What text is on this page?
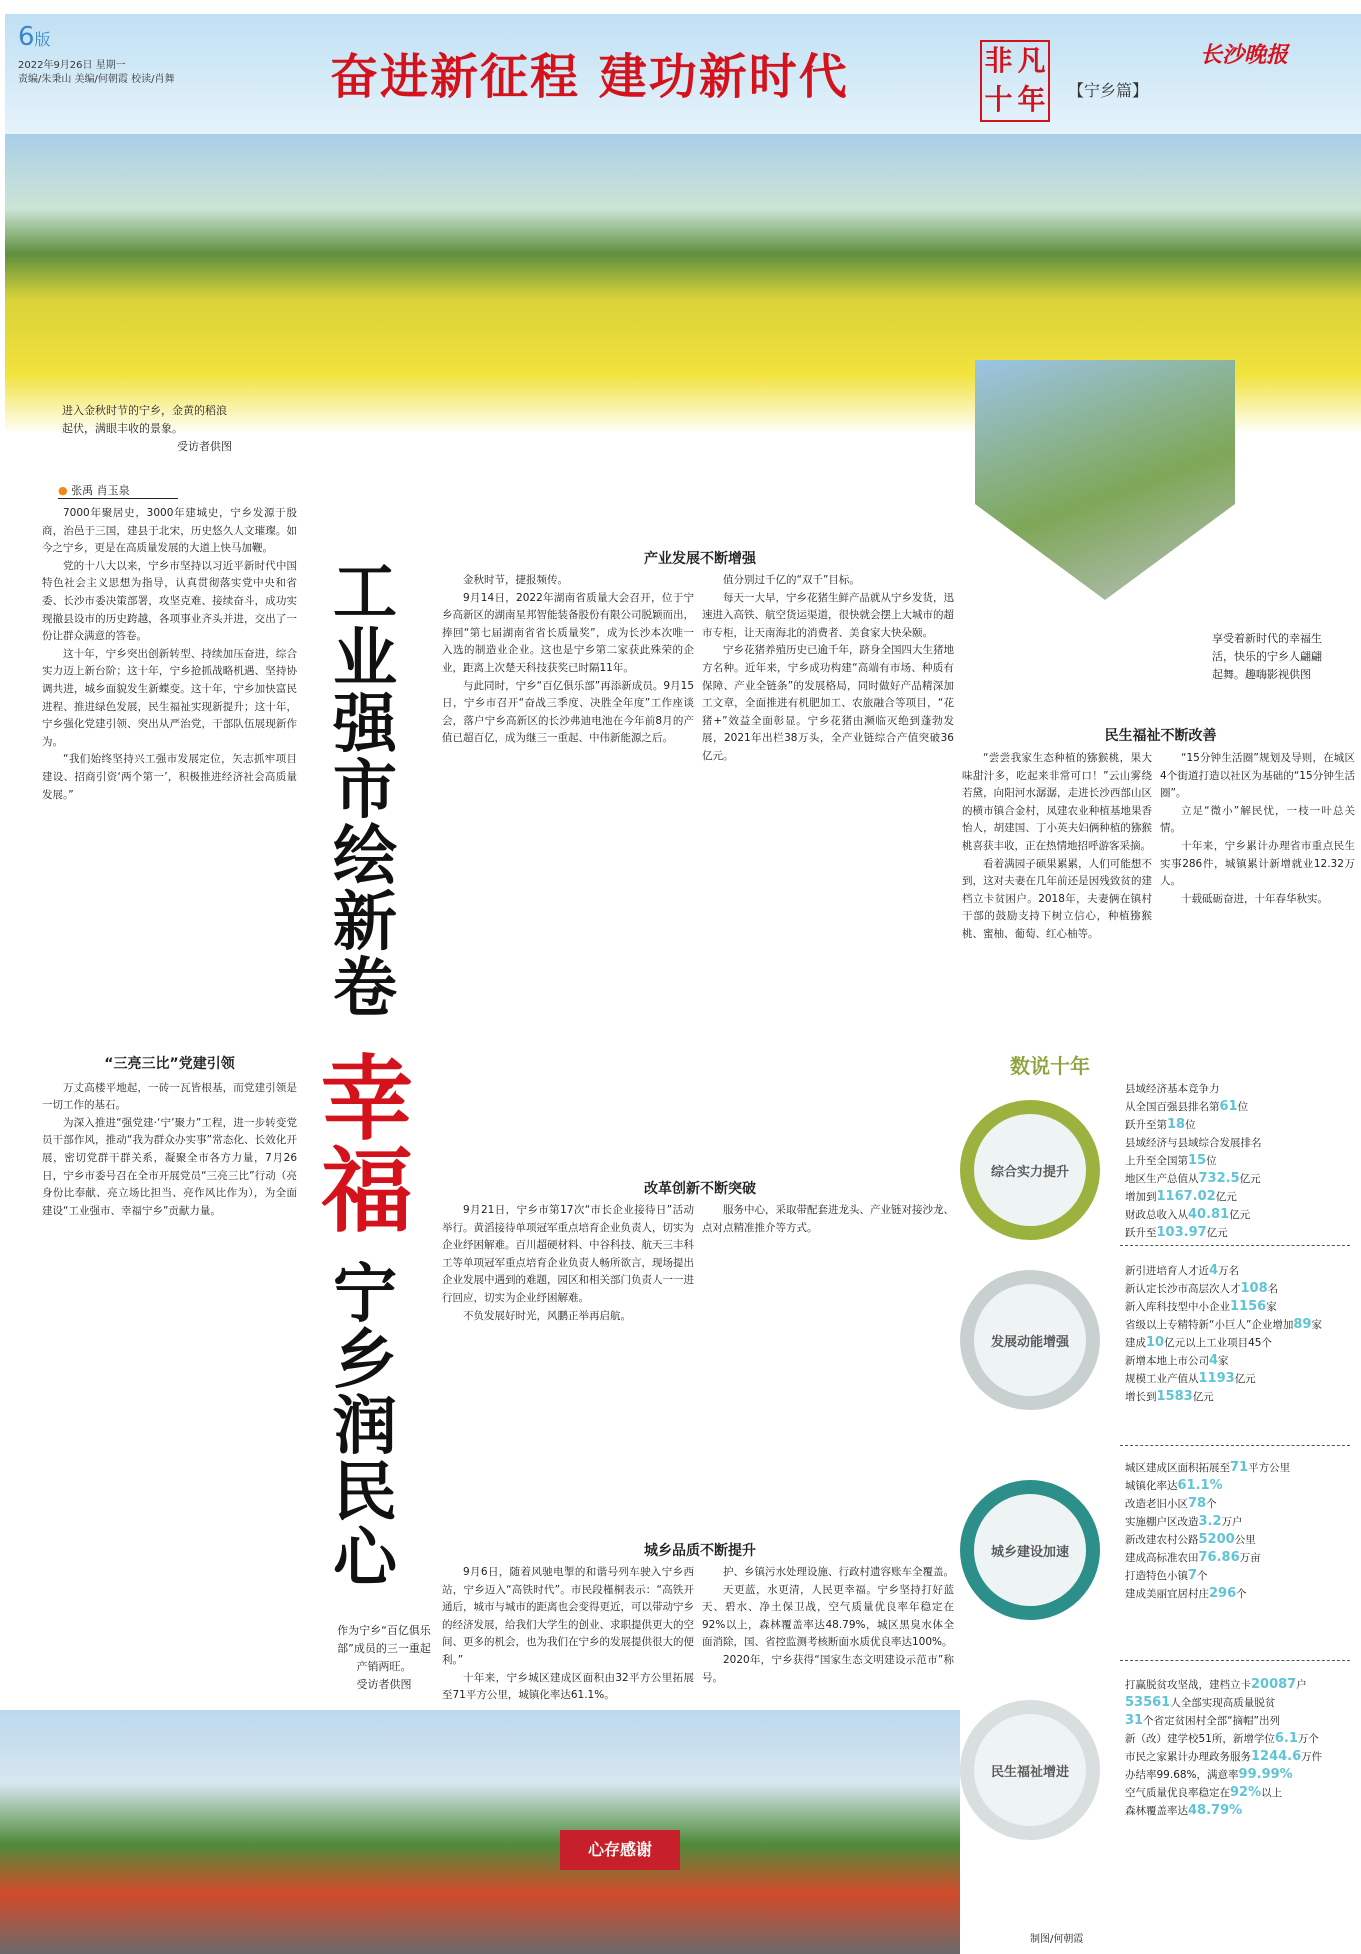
6版
2022年9月26日 星期一
责编/朱秉山 美编/何朝霞 校读/肖舞	奋进新征程 建功新时代	非 凡
十 年 【宁乡篇】
长沙晚报
进入金秋时节的宁乡，金黄的稻浪起伏，满眼丰收的景象。
受访者供图
● 张禹 肖玉泉

7000年聚居史，3000年建城史，宁乡发源于殷商，治邑于三国，建县于北宋，历史悠久人文璀璨。如今之宁乡，更是在高质量发展的大道上快马加鞭。

党的十八大以来，宁乡市坚持以习近平新时代中国特色社会主义思想为指导，认真贯彻落实党中央和省委、长沙市委决策部署，攻坚克难、接续奋斗，成功实现撤县设市的历史跨越，各项事业齐头并进，交出了一份让群众满意的答卷。

这十年，宁乡突出创新转型、持续加压奋进，综合实力迈上新台阶；这十年，宁乡抢抓战略机遇、坚持协调共进，城乡面貌发生新蝶变。这十年，宁乡加快富民进程、推进绿色发展，民生福祉实现新提升；这十年，宁乡强化党建引领、突出从严治党，干部队伍展现新作为。

“我们始终坚持兴工强市发展定位，矢志抓牢项目建设、招商引资‘两个第一’，积极推进经济社会高质量发展。”

“三亮三比”党建引领

万丈高楼平地起，一砖一瓦皆根基，而党建引领是一切工作的基石。

为深入推进“强党建·‘宁’聚力”工程，进一步转变党员干部作风，推动“我为群众办实事”常态化、长效化开展，密切党群干群关系，凝聚全市各方力量，7月26日，宁乡市委号召在全市开展党员“三亮三比”行动（亮身份比奉献、亮立场比担当、亮作风比作为），为全面建设“工业强市、幸福宁乡”贡献力量。

工业强市绘新卷
幸福
宁乡润民心
作为宁乡“百亿俱乐部”成员的三一重起产销两旺。
受访者供图
产业发展不断增强

金秋时节，捷报频传。

9月14日，2022年湖南省质量大会召开，位于宁乡高新区的湖南星邦智能装备股份有限公司脱颖而出，捧回“第七届湖南省省长质量奖”，成为长沙本次唯一入选的制造业企业。这也是宁乡第二家获此殊荣的企业，距离上次楚天科技获奖已时隔11年。

与此同时，宁乡“百亿俱乐部”再添新成员。9月15日，宁乡市召开“奋战三季度、决胜全年度”工作座谈会，落户宁乡高新区的长沙弗迪电池在今年前8月的产值已超百亿，成为继三一重起、中伟新能源之后。

值分别过千亿的“双千”目标。

每天一大早，宁乡花猪生鲜产品就从宁乡发货，迅速进入高铁、航空货运渠道，很快就会摆上大城市的超市专柜，让天南海北的消费者、美食家大快朵颐。

宁乡花猪养殖历史已逾千年，跻身全国四大生猪地方名种。近年来，宁乡成功构建“高端有市场、种质有保障、产业全链条”的发展格局，同时做好产品精深加工文章，全面推进有机肥加工、农旅融合等项目，“花猪+”效益全面彰显。宁乡花猪由濒临灭绝到蓬勃发展，2021年出栏38万头，全产业链综合产值突破36亿元。

改革创新不断突破

9月21日，宁乡市第17次“市长企业接待日”活动举行。黄滔接待单项冠军重点培育企业负责人，切实为企业纾困解难。百川超硬材料、中谷科技、航天三丰科工等单项冠军重点培育企业负责人畅所欲言，现场提出企业发展中遇到的难题，园区和相关部门负责人一一进行回应，切实为企业纾困解难。

不负发展好时光，风鹏正举再启航。

服务中心，采取带配套进龙头、产业链对接沙龙、点对点精准推介等方式。

城乡品质不断提升

9月6日，随着风驰电掣的和谐号列车驶入宁乡西站，宁乡迈入“高铁时代”。市民段槿桐表示：“高铁开通后，城市与城市的距离也会变得更近，可以带动宁乡的经济发展，给我们大学生的创业、求职提供更大的空间、更多的机会，也为我们在宁乡的发展提供很大的便利。”

十年来，宁乡城区建成区面积由32平方公里拓展至71平方公里，城镇化率达61.1%。

护、乡镇污水处理设施、行政村遗容账车全覆盖。

天更蓝，水更清，人民更幸福。宁乡坚持打好蓝天、碧水、净土保卫战，空气质量优良率年稳定在92%以上，森林覆盖率达48.79%，城区黑臭水体全面消除，国、省控监测考核断面水质优良率达100%。

2020年，宁乡获得“国家生态文明建设示范市”称号。

享受着新时代的幸福生活，快乐的宁乡人翩翩起舞。趣嗨影视供图
民生福祉不断改善

“尝尝我家生态种植的猕猴桃，果大味甜汁多，吃起来非常可口！”云山雾绕若黛，向阳河水潺潺，走进长沙西部山区的横市镇合金村，凤建农业种植基地果香怡人，胡建国、丁小英夫妇俩种植的猕猴桃喜获丰收，正在热情地招呼游客采摘。

看着满园子硕果累累，人们可能想不到，这对夫妻在几年前还是因残致贫的建档立卡贫困户。2018年，夫妻俩在镇村干部的鼓励支持下树立信心，种植猕猴桃、蜜柚、葡萄、红心柚等。

“15分钟生活圈”规划及导则，在城区4个街道打造以社区为基础的“15分钟生活圈”。

立足“微小”解民忧，一枝一叶总关情。

十年来，宁乡累计办理省市重点民生实事286件，城镇累计新增就业12.32万人。

十载砥砺奋进，十年春华秋实。

数说十年
综合实力提升
县域经济基本竞争力
从全国百强县排名第61位
跃升至第18位
县域经济与县域综合发展排名
上升至全国第15位
地区生产总值从732.5亿元
增加到1167.02亿元
财政总收入从40.81亿元
跃升至103.97亿元
发展动能增强
新引进培育人才近4万名
新认定长沙市高层次人才108名
新入库科技型中小企业1156家
省级以上专精特新“小巨人”企业增加89家
建成10亿元以上工业项目45个
新增本地上市公司4家
规模工业产值从1193亿元
增长到1583亿元
城乡建设加速
城区建成区面积拓展至71平方公里
城镇化率达61.1%
改造老旧小区78个
实施棚户区改造3.2万户
新改建农村公路5200公里
建成高标准农田76.86万亩
打造特色小镇7个
建成美丽宜居村庄296个
民生福祉增进
打赢脱贫攻坚战，建档立卡20087户
53561人全部实现高质量脱贫
31个省定贫困村全部“摘帽”出列
新（改）建学校51所，新增学位6.1万个
市民之家累计办理政务服务1244.6万件
办结率99.68%，满意率99.99%
空气质量优良率稳定在92%以上
森林覆盖率达48.79%
制图/何朝霞
心存感谢
